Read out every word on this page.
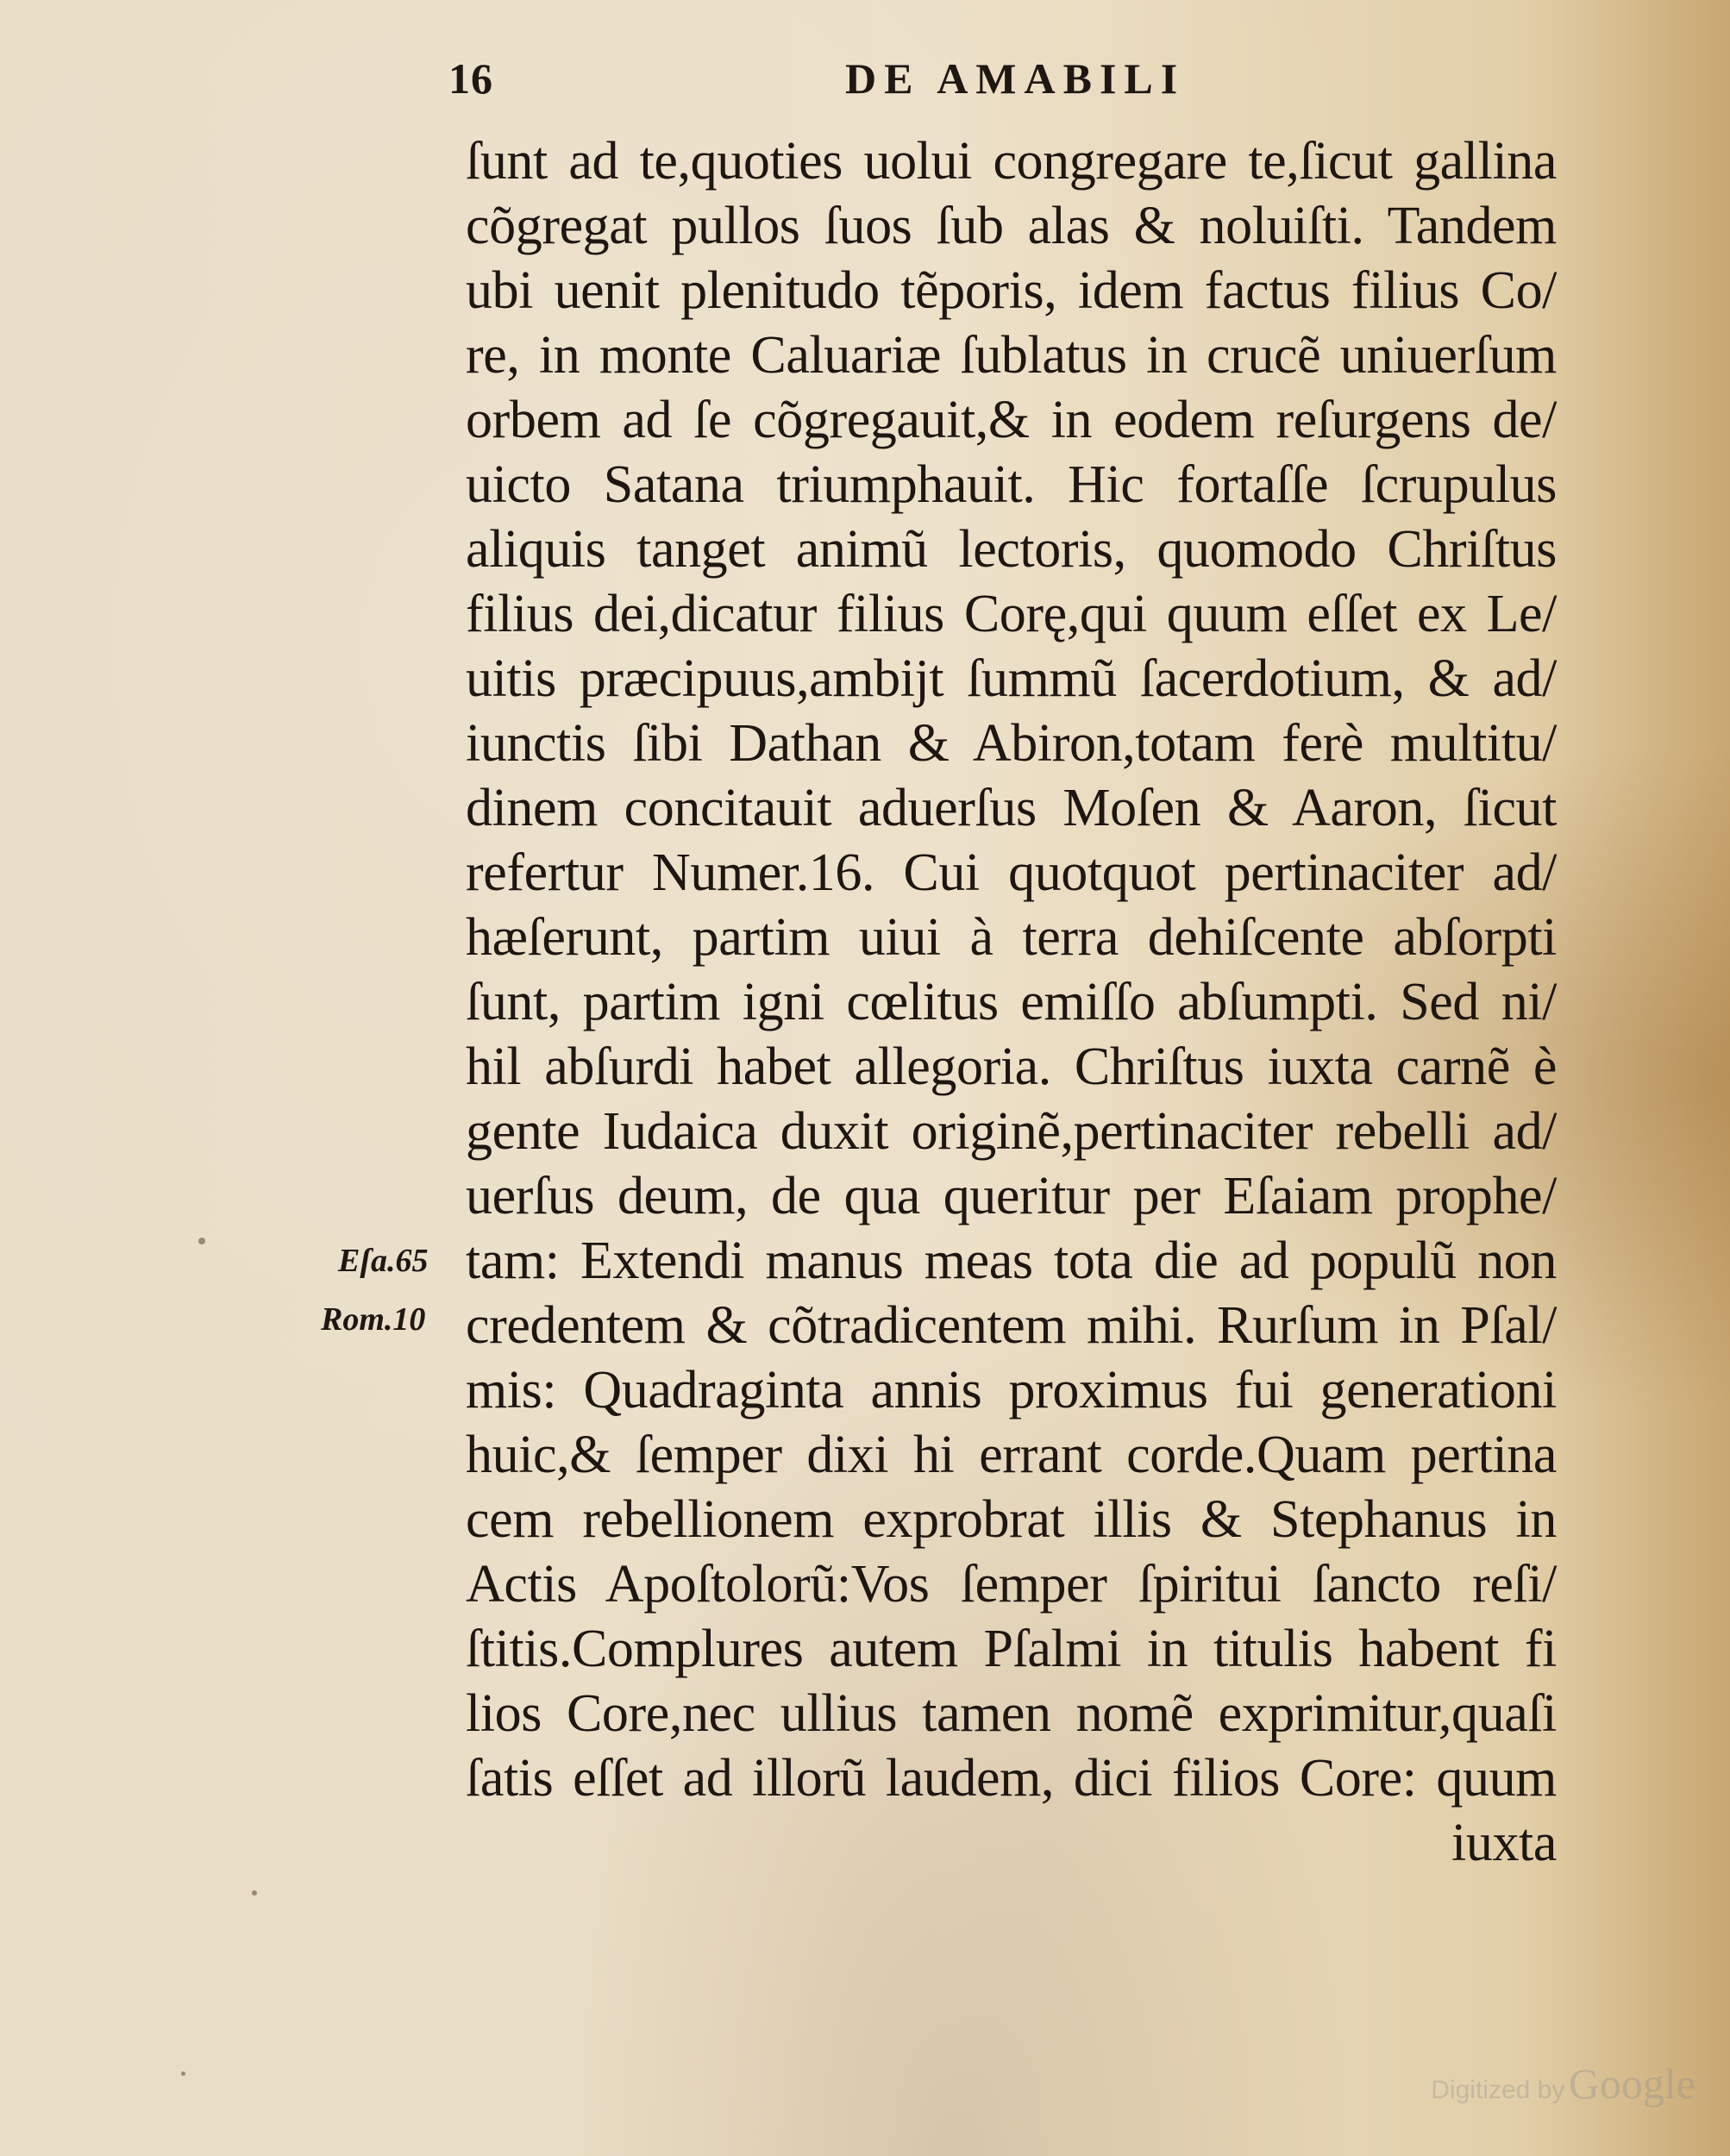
16	DE AMABILI
Eſa.65
Rom.10
ſunt ad te,quoties uolui congregare te,ſicut gallina
cõgregat pullos ſuos ſub alas & noluiſti. Tandem
ubi uenit plenitudo tẽporis, idem factus filius Co/
re, in monte Caluariæ ſublatus in crucẽ uniuerſum
orbem ad ſe cõgregauit,& in eodem reſurgens de/
uicto Satana triumphauit. Hic fortaſſe ſcrupulus
aliquis tanget animũ lectoris, quomodo Chriſtus
filius dei,dicatur filius Corę,qui quum eſſet ex Le/
uitis præcipuus,ambijt ſummũ ſacerdotium, & ad/
iunctis ſibi Dathan & Abiron,totam ferè multitu/
dinem concitauit aduerſus Moſen & Aaron, ſicut
refertur Numer.16. Cui quotquot pertinaciter ad/
hæſerunt, partim uiui à terra dehiſcente abſorpti
ſunt, partim igni cœlitus emiſſo abſumpti. Sed ni/
hil abſurdi habet allegoria. Chriſtus iuxta carnẽ è
gente Iudaica duxit originẽ,pertinaciter rebelli ad/
uerſus deum, de qua queritur per Eſaiam prophe/
tam: Extendi manus meas tota die ad populũ non
credentem & cõtradicentem mihi. Rurſum in Pſal/
mis: Quadraginta annis proximus fui generationi
huic,& ſemper dixi hi errant corde.Quam pertina
cem rebellionem exprobrat illis & Stephanus in
Actis Apoſtolorũ:Vos ſemper ſpiritui ſancto reſi/
ſtitis.Complures autem Pſalmi in titulis habent fi
lios Core,nec ullius tamen nomẽ exprimitur,quaſi
ſatis eſſet ad illorũ laudem, dici filios Core: quum
iuxta
Digitized by Google
